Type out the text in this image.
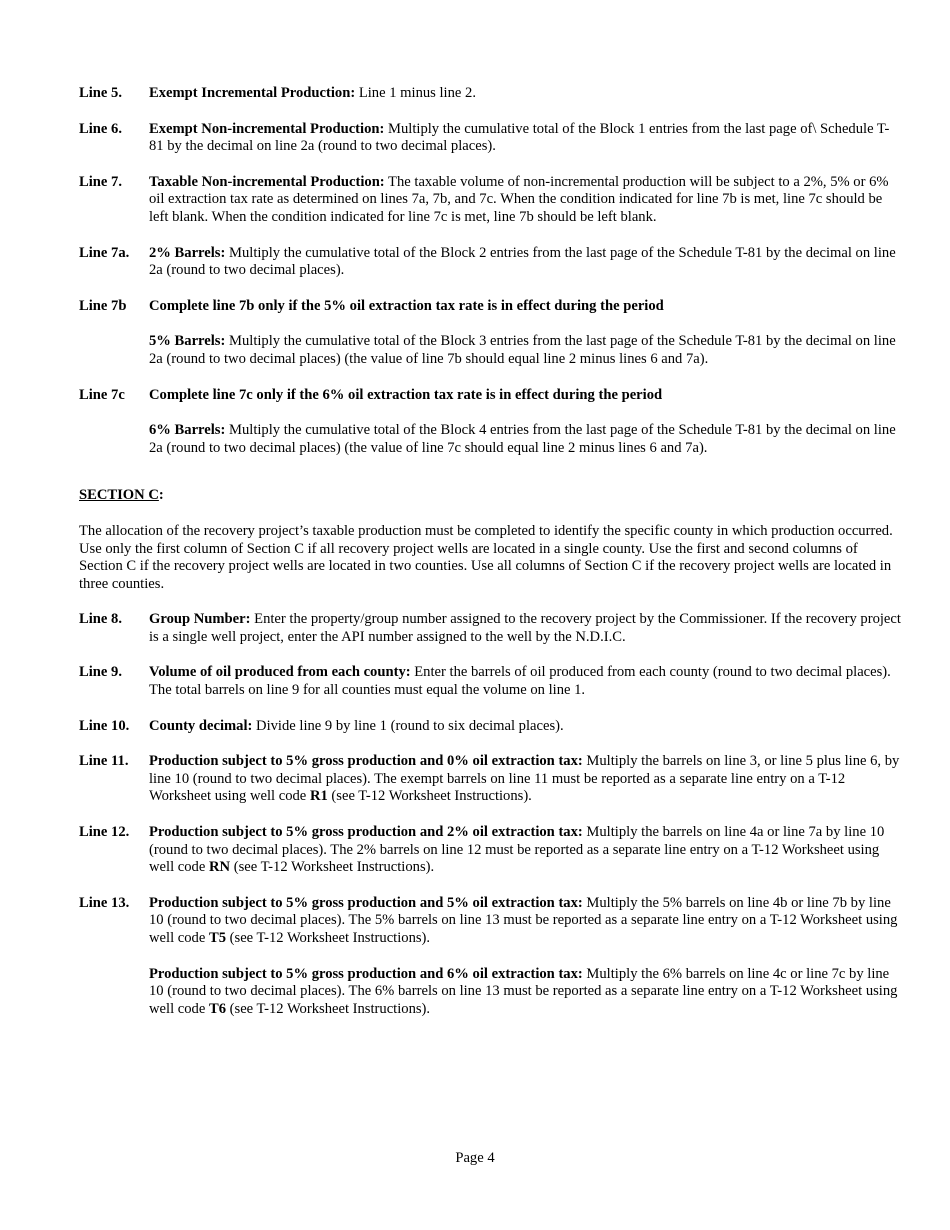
Line 5.	Exempt Incremental Production: Line 1 minus line 2.
Line 6.	Exempt Non-incremental Production: Multiply the cumulative total of the Block 1 entries from the last page of\ Schedule T-81 by the decimal on line 2a (round to two decimal places).
Line 7.	Taxable Non-incremental Production: The taxable volume of non-incremental production will be subject to a 2%, 5% or 6% oil extraction tax rate as determined on lines 7a, 7b, and 7c. When the condition indicated for line 7b is met, line 7c should be left blank. When the condition indicated for line 7c is met, line 7b should be left blank.
Line 7a.	2% Barrels: Multiply the cumulative total of the Block 2 entries from the last page of the Schedule T-81 by the decimal on line 2a (round to two decimal places).
Line 7b	Complete line 7b only if the 5% oil extraction tax rate is in effect during the period
5% Barrels: Multiply the cumulative total of the Block 3 entries from the last page of the Schedule T-81 by the decimal on line 2a (round to two decimal places) (the value of line 7b should equal line 2 minus lines 6 and 7a).
Line 7c	Complete line 7c only if the 6% oil extraction tax rate is in effect during the period
6% Barrels: Multiply the cumulative total of the Block 4 entries from the last page of the Schedule T-81 by the decimal on line 2a (round to two decimal places) (the value of line 7c should equal line 2 minus lines 6 and 7a).
SECTION C:
The allocation of the recovery project’s taxable production must be completed to identify the specific county in which production occurred. Use only the first column of Section C if all recovery project wells are located in a single county. Use the first and second columns of Section C if the recovery project wells are located in two counties. Use all columns of Section C if the recovery project wells are located in three counties.
Line 8.	Group Number: Enter the property/group number assigned to the recovery project by the Commissioner. If the recovery project is a single well project, enter the API number assigned to the well by the N.D.I.C.
Line 9.	Volume of oil produced from each county: Enter the barrels of oil produced from each county (round to two decimal places). The total barrels on line 9 for all counties must equal the volume on line 1.
Line 10.	County decimal: Divide line 9 by line 1 (round to six decimal places).
Line 11.	Production subject to 5% gross production and 0% oil extraction tax: Multiply the barrels on line 3, or line 5 plus line 6, by line 10 (round to two decimal places). The exempt barrels on line 11 must be reported as a separate line entry on a T-12 Worksheet using well code R1 (see T-12 Worksheet Instructions).
Line 12.	Production subject to 5% gross production and 2% oil extraction tax: Multiply the barrels on line 4a or line 7a by line 10 (round to two decimal places). The 2% barrels on line 12 must be reported as a separate line entry on a T-12 Worksheet using well code RN (see T-12 Worksheet Instructions).
Line 13.	Production subject to 5% gross production and 5% oil extraction tax: Multiply the 5% barrels on line 4b or line 7b by line 10 (round to two decimal places). The 5% barrels on line 13 must be reported as a separate line entry on a T-12 Worksheet using well code T5 (see T-12 Worksheet Instructions).
Production subject to 5% gross production and 6% oil extraction tax: Multiply the 6% barrels on line 4c or line 7c by line 10 (round to two decimal places). The 6% barrels on line 13 must be reported as a separate line entry on a T-12 Worksheet using well code T6 (see T-12 Worksheet Instructions).
Page 4
